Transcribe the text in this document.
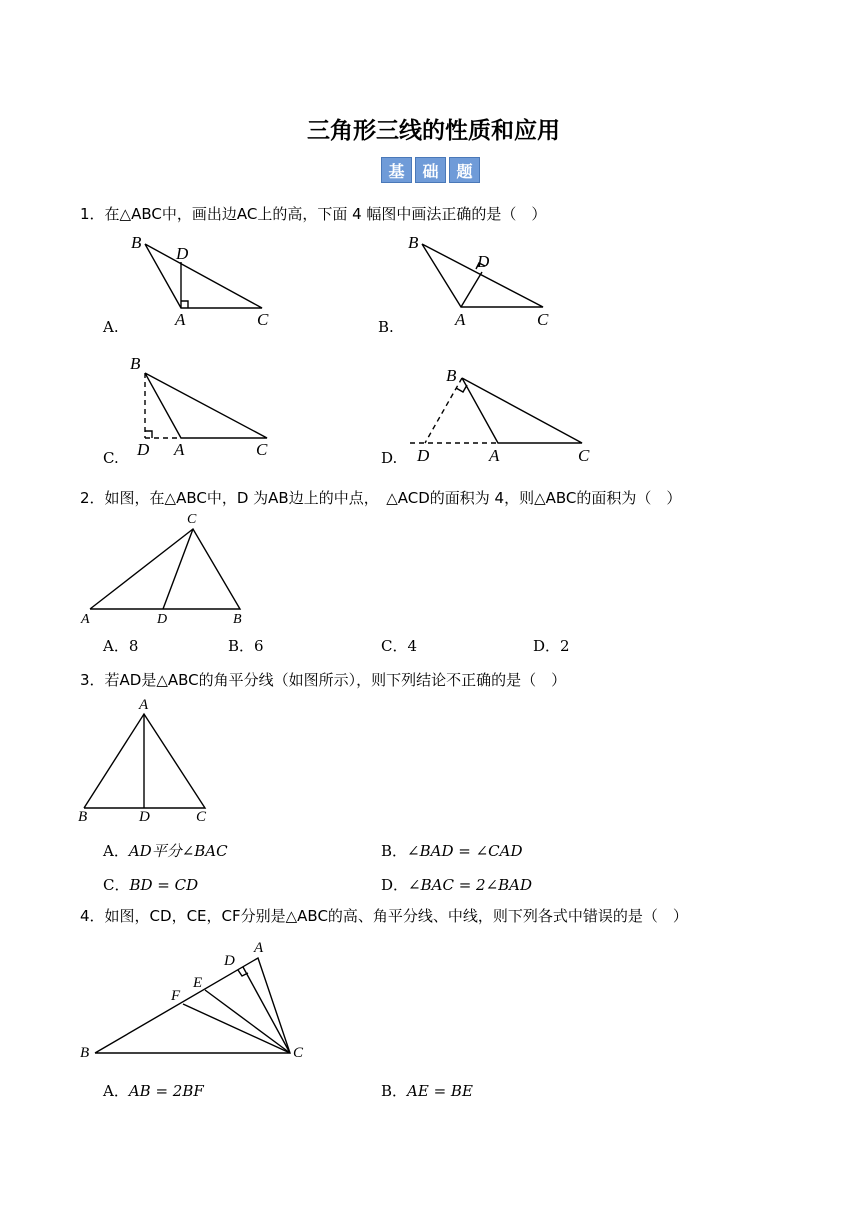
三角形三线的性质和应用
基	础	题
1．在△ABC中，画出边AC上的高，下面 4 幅图中画法正确的是（　）
B
D
A	C
A.
B
D
A	C
B.
B
D A	C
C.
B
D	A	C
D.
2．如图，在△ABC中，D 为AB边上的中点，　△ACD的面积为 4，则△ABC的面积为（　）
C
A	D	B
A．8	B．6	C．4	D．2
3．若AD是△ABC的角平分线（如图所示），则下列结论不正确的是（　）
A
B	D	C
A．AD平分∠BAC	B．∠BAD = ∠CAD
C．BD = CD	D．∠BAC = 2∠BAD
4．如图，CD，CE，CF分别是△ABC的高、角平分线、中线，则下列各式中错误的是（　）
A
D
E
F
B	C
A．AB = 2BF	B．AE = BE
